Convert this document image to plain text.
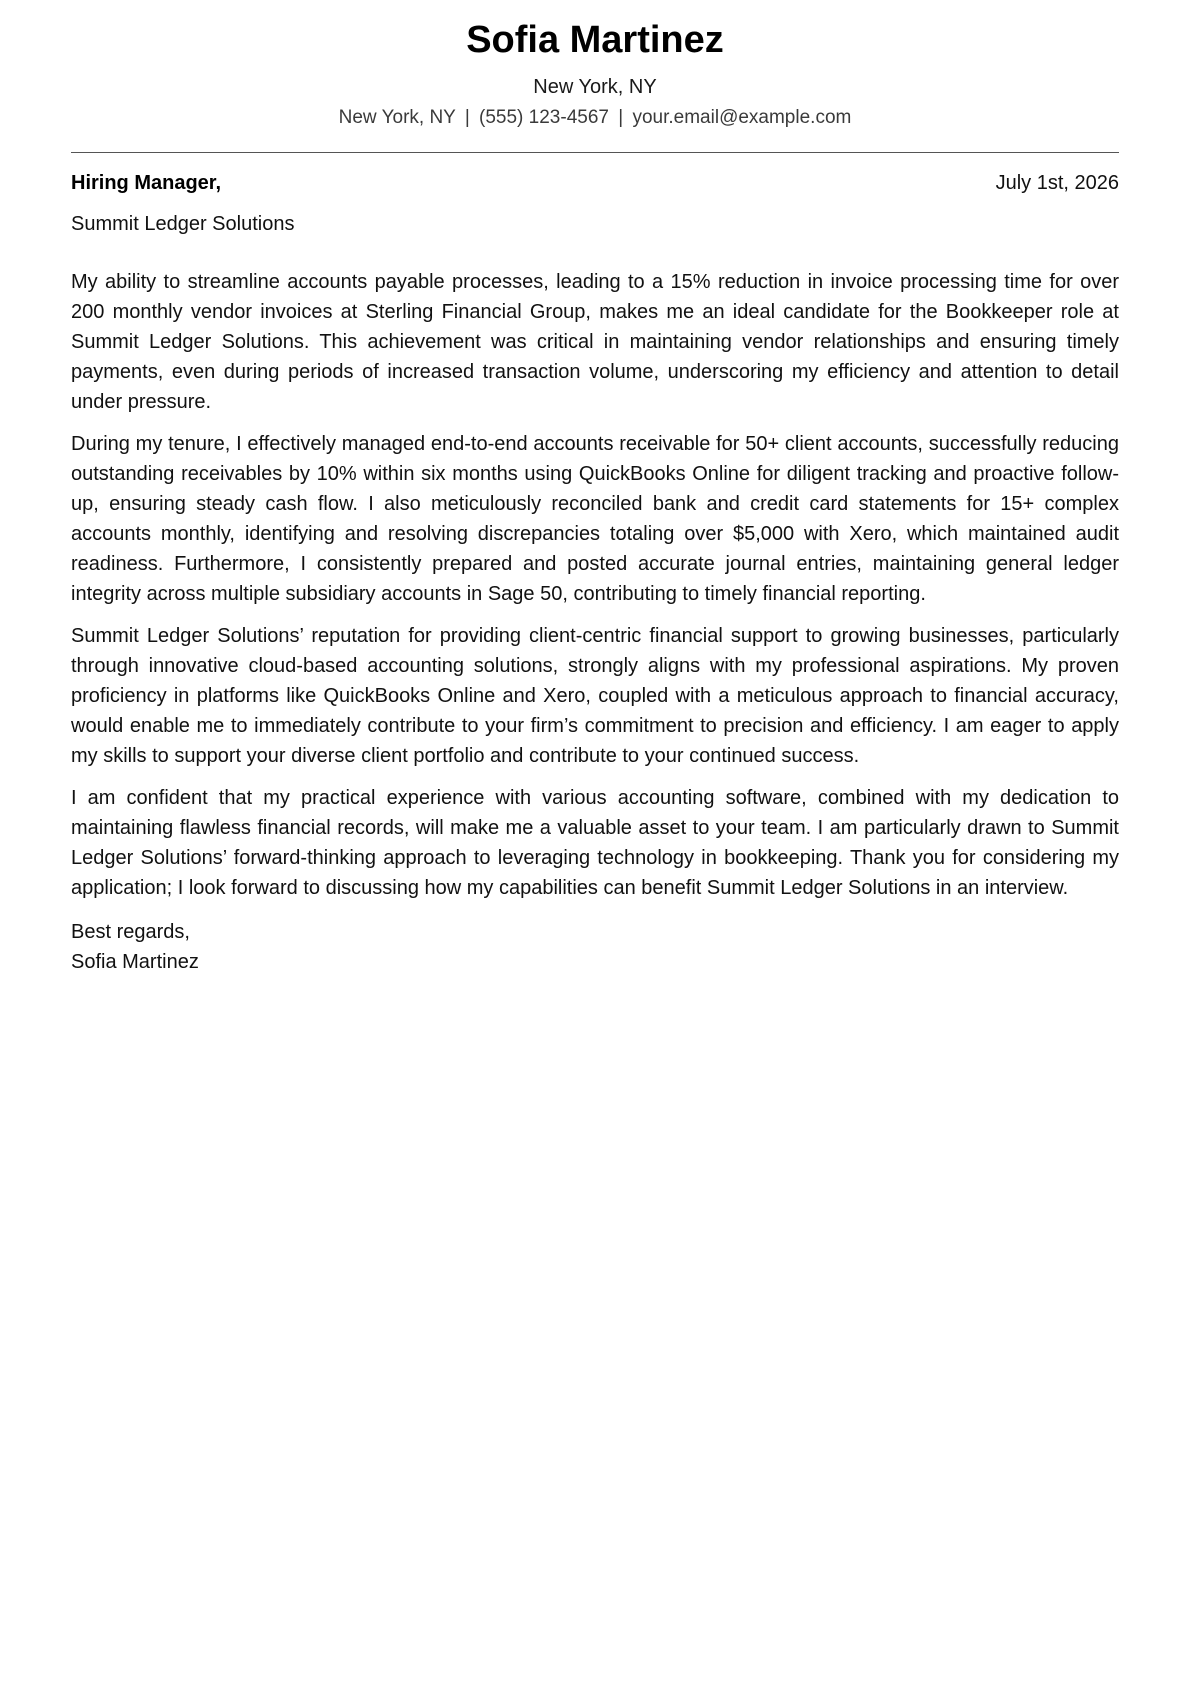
Sofia Martinez
New York, NY
New York, NY | (555) 123-4567 | your.email@example.com
Hiring Manager,	July 1st, 2026
Summit Ledger Solutions

My ability to streamline accounts payable processes, leading to a 15% reduction in invoice processing time for over 200 monthly vendor invoices at Sterling Financial Group, makes me an ideal candidate for the Bookkeeper role at Summit Ledger Solutions. This achievement was critical in maintaining vendor relationships and ensuring timely payments, even during periods of increased transaction volume, underscoring my efficiency and attention to detail under pressure.

During my tenure, I effectively managed end-to-end accounts receivable for 50+ client accounts, successfully reducing outstanding receivables by 10% within six months using QuickBooks Online for diligent tracking and proactive follow-up, ensuring steady cash flow. I also meticulously reconciled bank and credit card statements for 15+ complex accounts monthly, identifying and resolving discrepancies totaling over $5,000 with Xero, which maintained audit readiness. Furthermore, I consistently prepared and posted accurate journal entries, maintaining general ledger integrity across multiple subsidiary accounts in Sage 50, contributing to timely financial reporting.

Summit Ledger Solutions’ reputation for providing client-centric financial support to growing businesses, particularly through innovative cloud-based accounting solutions, strongly aligns with my professional aspirations. My proven proficiency in platforms like QuickBooks Online and Xero, coupled with a meticulous approach to financial accuracy, would enable me to immediately contribute to your firm’s commitment to precision and efficiency. I am eager to apply my skills to support your diverse client portfolio and contribute to your continued success.

I am confident that my practical experience with various accounting software, combined with my dedication to maintaining flawless financial records, will make me a valuable asset to your team. I am particularly drawn to Summit Ledger Solutions’ forward-thinking approach to leveraging technology in bookkeeping. Thank you for considering my application; I look forward to discussing how my capabilities can benefit Summit Ledger Solutions in an interview.

Best regards,
Sofia Martinez
